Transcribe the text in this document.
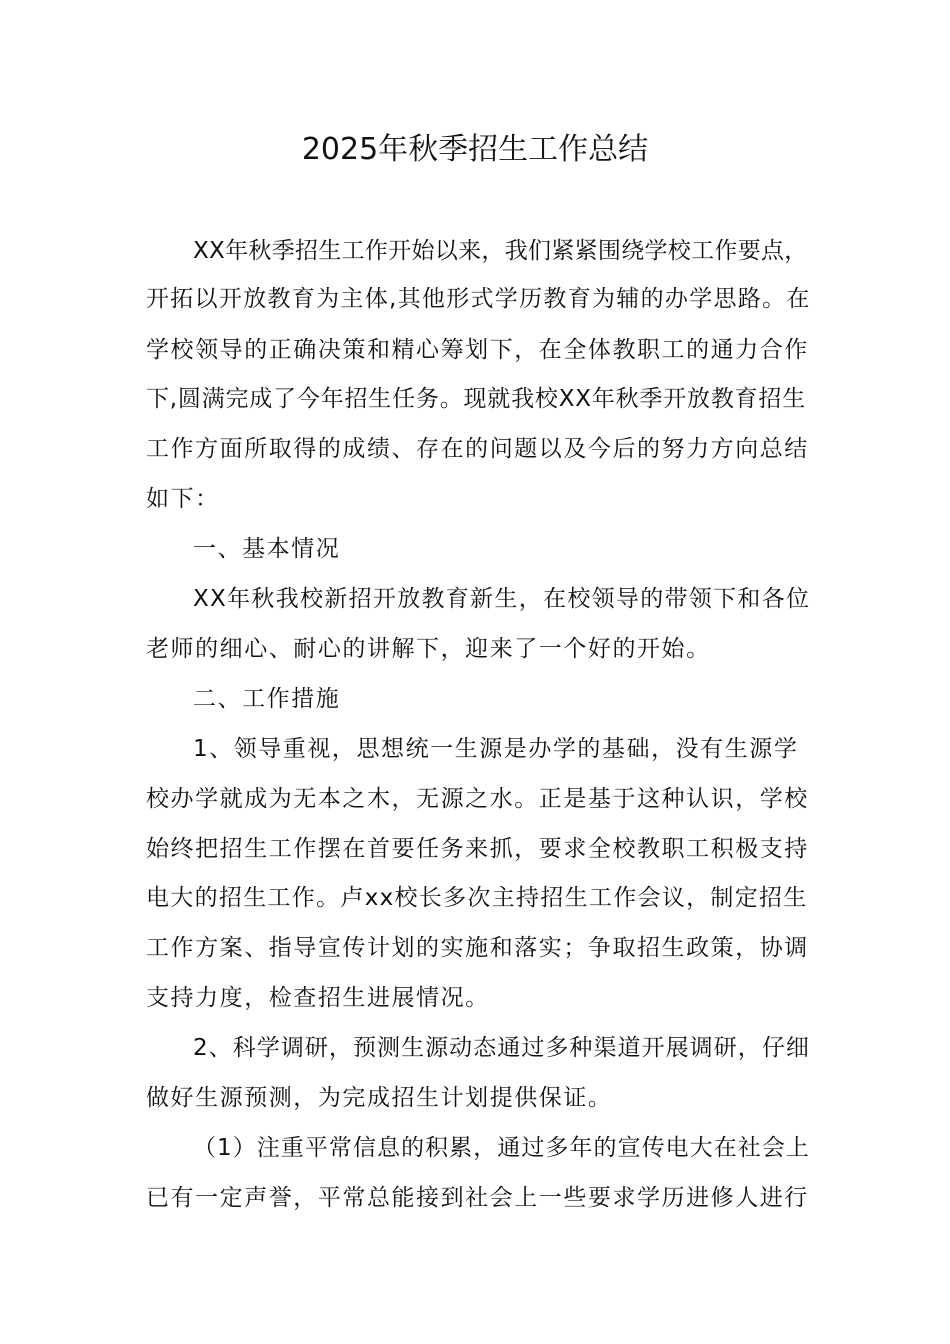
2025年秋季招生工作总结
XX年秋季招生工作开始以来，我们紧紧围绕学校工作要点，
开拓以开放教育为主体,其他形式学历教育为辅的办学思路。在
学校领导的正确决策和精心筹划下，在全体教职工的通力合作
下,圆满完成了今年招生任务。现就我校XX年秋季开放教育招生
工作方面所取得的成绩、存在的问题以及今后的努力方向总结
如下：
一、基本情况
XX年秋我校新招开放教育新生，在校领导的带领下和各位
老师的细心、耐心的讲解下，迎来了一个好的开始。
二、工作措施
1、领导重视，思想统一生源是办学的基础，没有生源学
校办学就成为无本之木，无源之水。正是基于这种认识，学校
始终把招生工作摆在首要任务来抓，要求全校教职工积极支持
电大的招生工作。卢xx校长多次主持招生工作会议，制定招生
工作方案、指导宣传计划的实施和落实；争取招生政策，协调
支持力度，检查招生进展情况。
2、科学调研，预测生源动态通过多种渠道开展调研，仔细
做好生源预测，为完成招生计划提供保证。
（1）注重平常信息的积累，通过多年的宣传电大在社会上
已有一定声誉，平常总能接到社会上一些要求学历进修人进行
